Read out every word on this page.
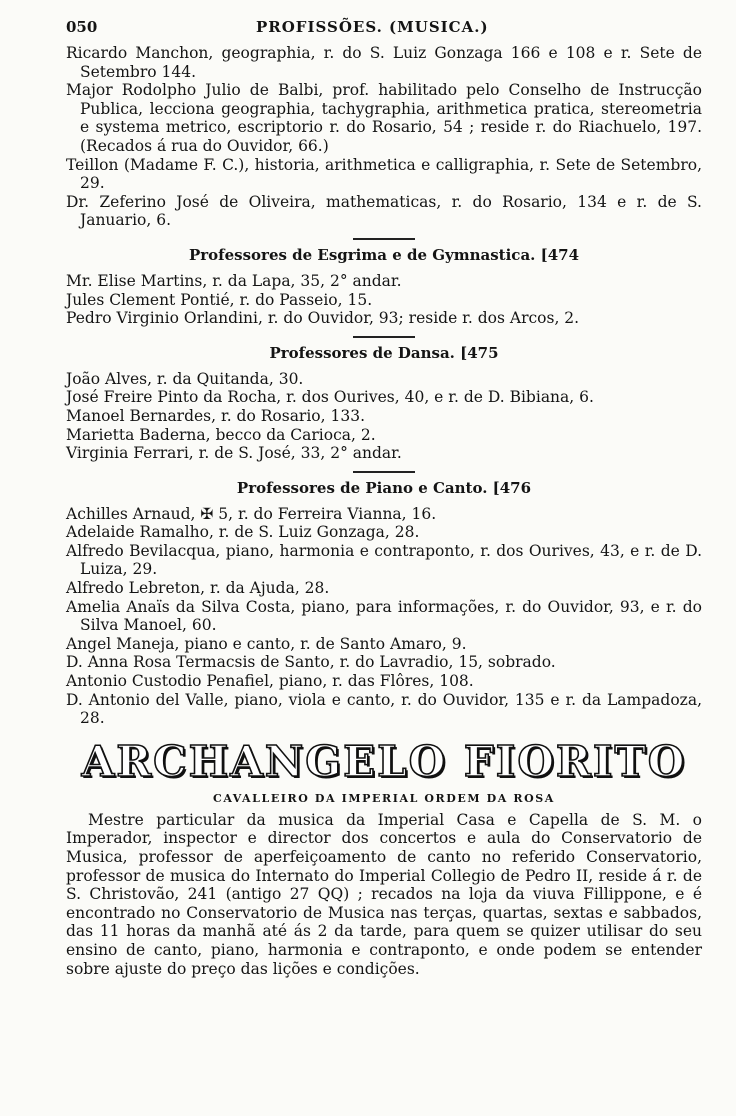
050	PROFISSÕES. (MUSICA.)

Ricardo Manchon, geographia, r. do S. Luiz Gonzaga 166 e 108 e r. Sete de Setembro 144.

Major Rodolpho Julio de Balbi, prof. habilitado pelo Conselho de Instrucção Publica, lecciona geographia, tachygraphia, arithmetica pratica, stereometria e systema metrico, escriptorio r. do Rosario, 54 ; reside r. do Riachuelo, 197. (Recados á rua do Ouvidor, 66.)

Teillon (Madame F. C.), historia, arithmetica e calligraphia, r. Sete de Setembro, 29.

Dr. Zeferino José de Oliveira, mathematicas, r. do Rosario, 134 e r. de S. Januario, 6.

Professores de Esgrima e de Gymnastica. [474

Mr. Elise Martins, r. da Lapa, 35, 2° andar.

Jules Clement Pontié, r. do Passeio, 15.

Pedro Virginio Orlandini, r. do Ouvidor, 93; reside r. dos Arcos, 2.

Professores de Dansa. [475

João Alves, r. da Quitanda, 30.

José Freire Pinto da Rocha, r. dos Ourives, 40, e r. de D. Bibiana, 6.

Manoel Bernardes, r. do Rosario, 133.

Marietta Baderna, becco da Carioca, 2.

Virginia Ferrari, r. de S. José, 33, 2° andar.

Professores de Piano e Canto. [476

Achilles Arnaud, ✠ 5, r. do Ferreira Vianna, 16.

Adelaide Ramalho, r. de S. Luiz Gonzaga, 28.

Alfredo Bevilacqua, piano, harmonia e contraponto, r. dos Ourives, 43, e r. de D. Luiza, 29.

Alfredo Lebreton, r. da Ajuda, 28.

Amelia Anaïs da Silva Costa, piano, para informações, r. do Ouvidor, 93, e r. do Silva Manoel, 60.

Angel Maneja, piano e canto, r. de Santo Amaro, 9.

D. Anna Rosa Termacsis de Santo, r. do Lavradio, 15, sobrado.

Antonio Custodio Penafiel, piano, r. das Flôres, 108.

D. Antonio del Valle, piano, viola e canto, r. do Ouvidor, 135 e r. da Lampadoza, 28.

ARCHANGELO FIORITO
CAVALLEIRO DA IMPERIAL ORDEM DA ROSA

Mestre particular da musica da Imperial Casa e Capella de S. M. o Imperador, inspector e director dos concertos e aula do Conservatorio de Musica, professor de aperfeiçoamento de canto no referido Conservatorio, professor de musica do Internato do Imperial Collegio de Pedro II, reside á r. de S. Christovão, 241 (antigo 27 QQ) ; recados na loja da viuva Fillippone, e é encontrado no Conservatorio de Musica nas terças, quartas, sextas e sabbados, das 11 horas da manhã até ás 2 da tarde, para quem se quizer utilisar do seu ensino de canto, piano, harmonia e contraponto, e onde podem se entender sobre ajuste do preço das lições e condições.
